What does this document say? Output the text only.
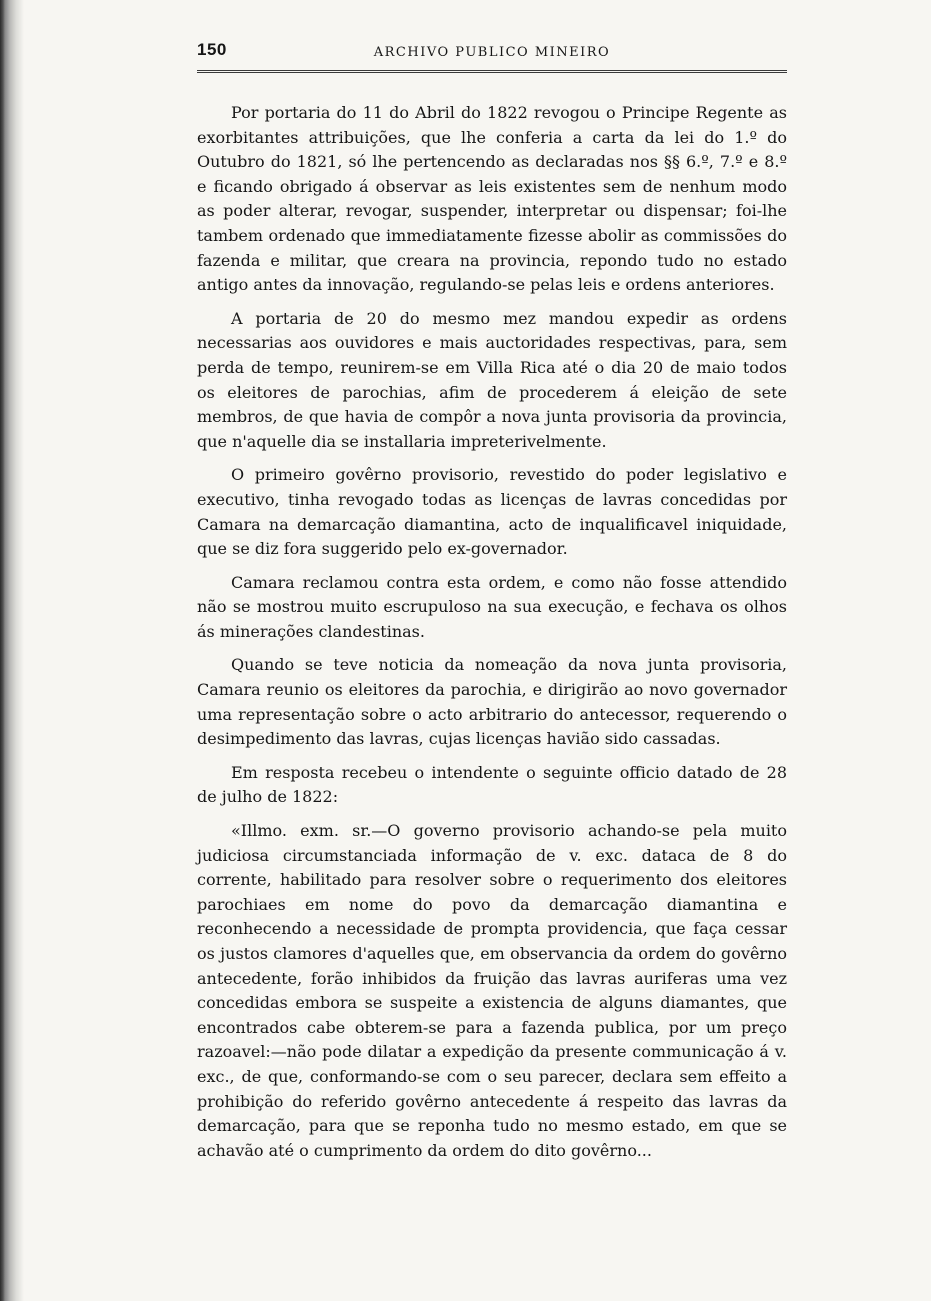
150	ARCHIVO PUBLICO MINEIRO

Por portaria do 11 do Abril do 1822 revogou o Principe Regente as exorbitantes attribuições, que lhe conferia a carta da lei do 1.º do Outubro do 1821, só lhe pertencendo as declaradas nos §§ 6.º, 7.º e 8.º e ficando obrigado á observar as leis existentes sem de nenhum modo as poder alterar, revogar, suspender, interpretar ou dispensar; foi-lhe tambem ordenado que immediatamente fizesse abolir as commissões do fazenda e militar, que creara na provincia, repondo tudo no estado antigo antes da innovação, regulando-se pelas leis e ordens anteriores.

A portaria de 20 do mesmo mez mandou expedir as ordens necessarias aos ouvidores e mais auctoridades respectivas, para, sem perda de tempo, reunirem-se em Villa Rica até o dia 20 de maio todos os eleitores de parochias, afim de procederem á eleição de sete membros, de que havia de compôr a nova junta provisoria da provincia, que n'aquelle dia se installaria impreterivelmente.

O primeiro govêrno provisorio, revestido do poder legislativo e executivo, tinha revogado todas as licenças de lavras concedidas por Camara na demarcação diamantina, acto de inqualificavel iniquidade, que se diz fora suggerido pelo ex-governador.

Camara reclamou contra esta ordem, e como não fosse attendido não se mostrou muito escrupuloso na sua execução, e fechava os olhos ás minerações clandestinas.

Quando se teve noticia da nomeação da nova junta provisoria, Camara reunio os eleitores da parochia, e dirigirão ao novo governador uma representação sobre o acto arbitrario do antecessor, requerendo o desimpedimento das lavras, cujas licenças havião sido cassadas.

Em resposta recebeu o intendente o seguinte officio datado de 28 de julho de 1822:

«Illmo. exm. sr.—O governo provisorio achando-se pela muito judiciosa circumstanciada informação de v. exc. dataca de 8 do corrente, habilitado para resolver sobre o requerimento dos eleitores parochiaes em nome do povo da demarcação diamantina e reconhecendo a necessidade de prompta providencia, que faça cessar os justos clamores d'aquelles que, em observancia da ordem do govêrno antecedente, forão inhibidos da fruição das lavras auriferas uma vez concedidas embora se suspeite a existencia de alguns diamantes, que encontrados cabe obterem-se para a fazenda publica, por um preço razoavel:—não pode dilatar a expedição da presente communicação á v. exc., de que, conformando-se com o seu parecer, declara sem effeito a prohibição do referido govêrno antecedente á respeito das lavras da demarcação, para que se reponha tudo no mesmo estado, em que se achavão até o cumprimento da ordem do dito govêrno...
